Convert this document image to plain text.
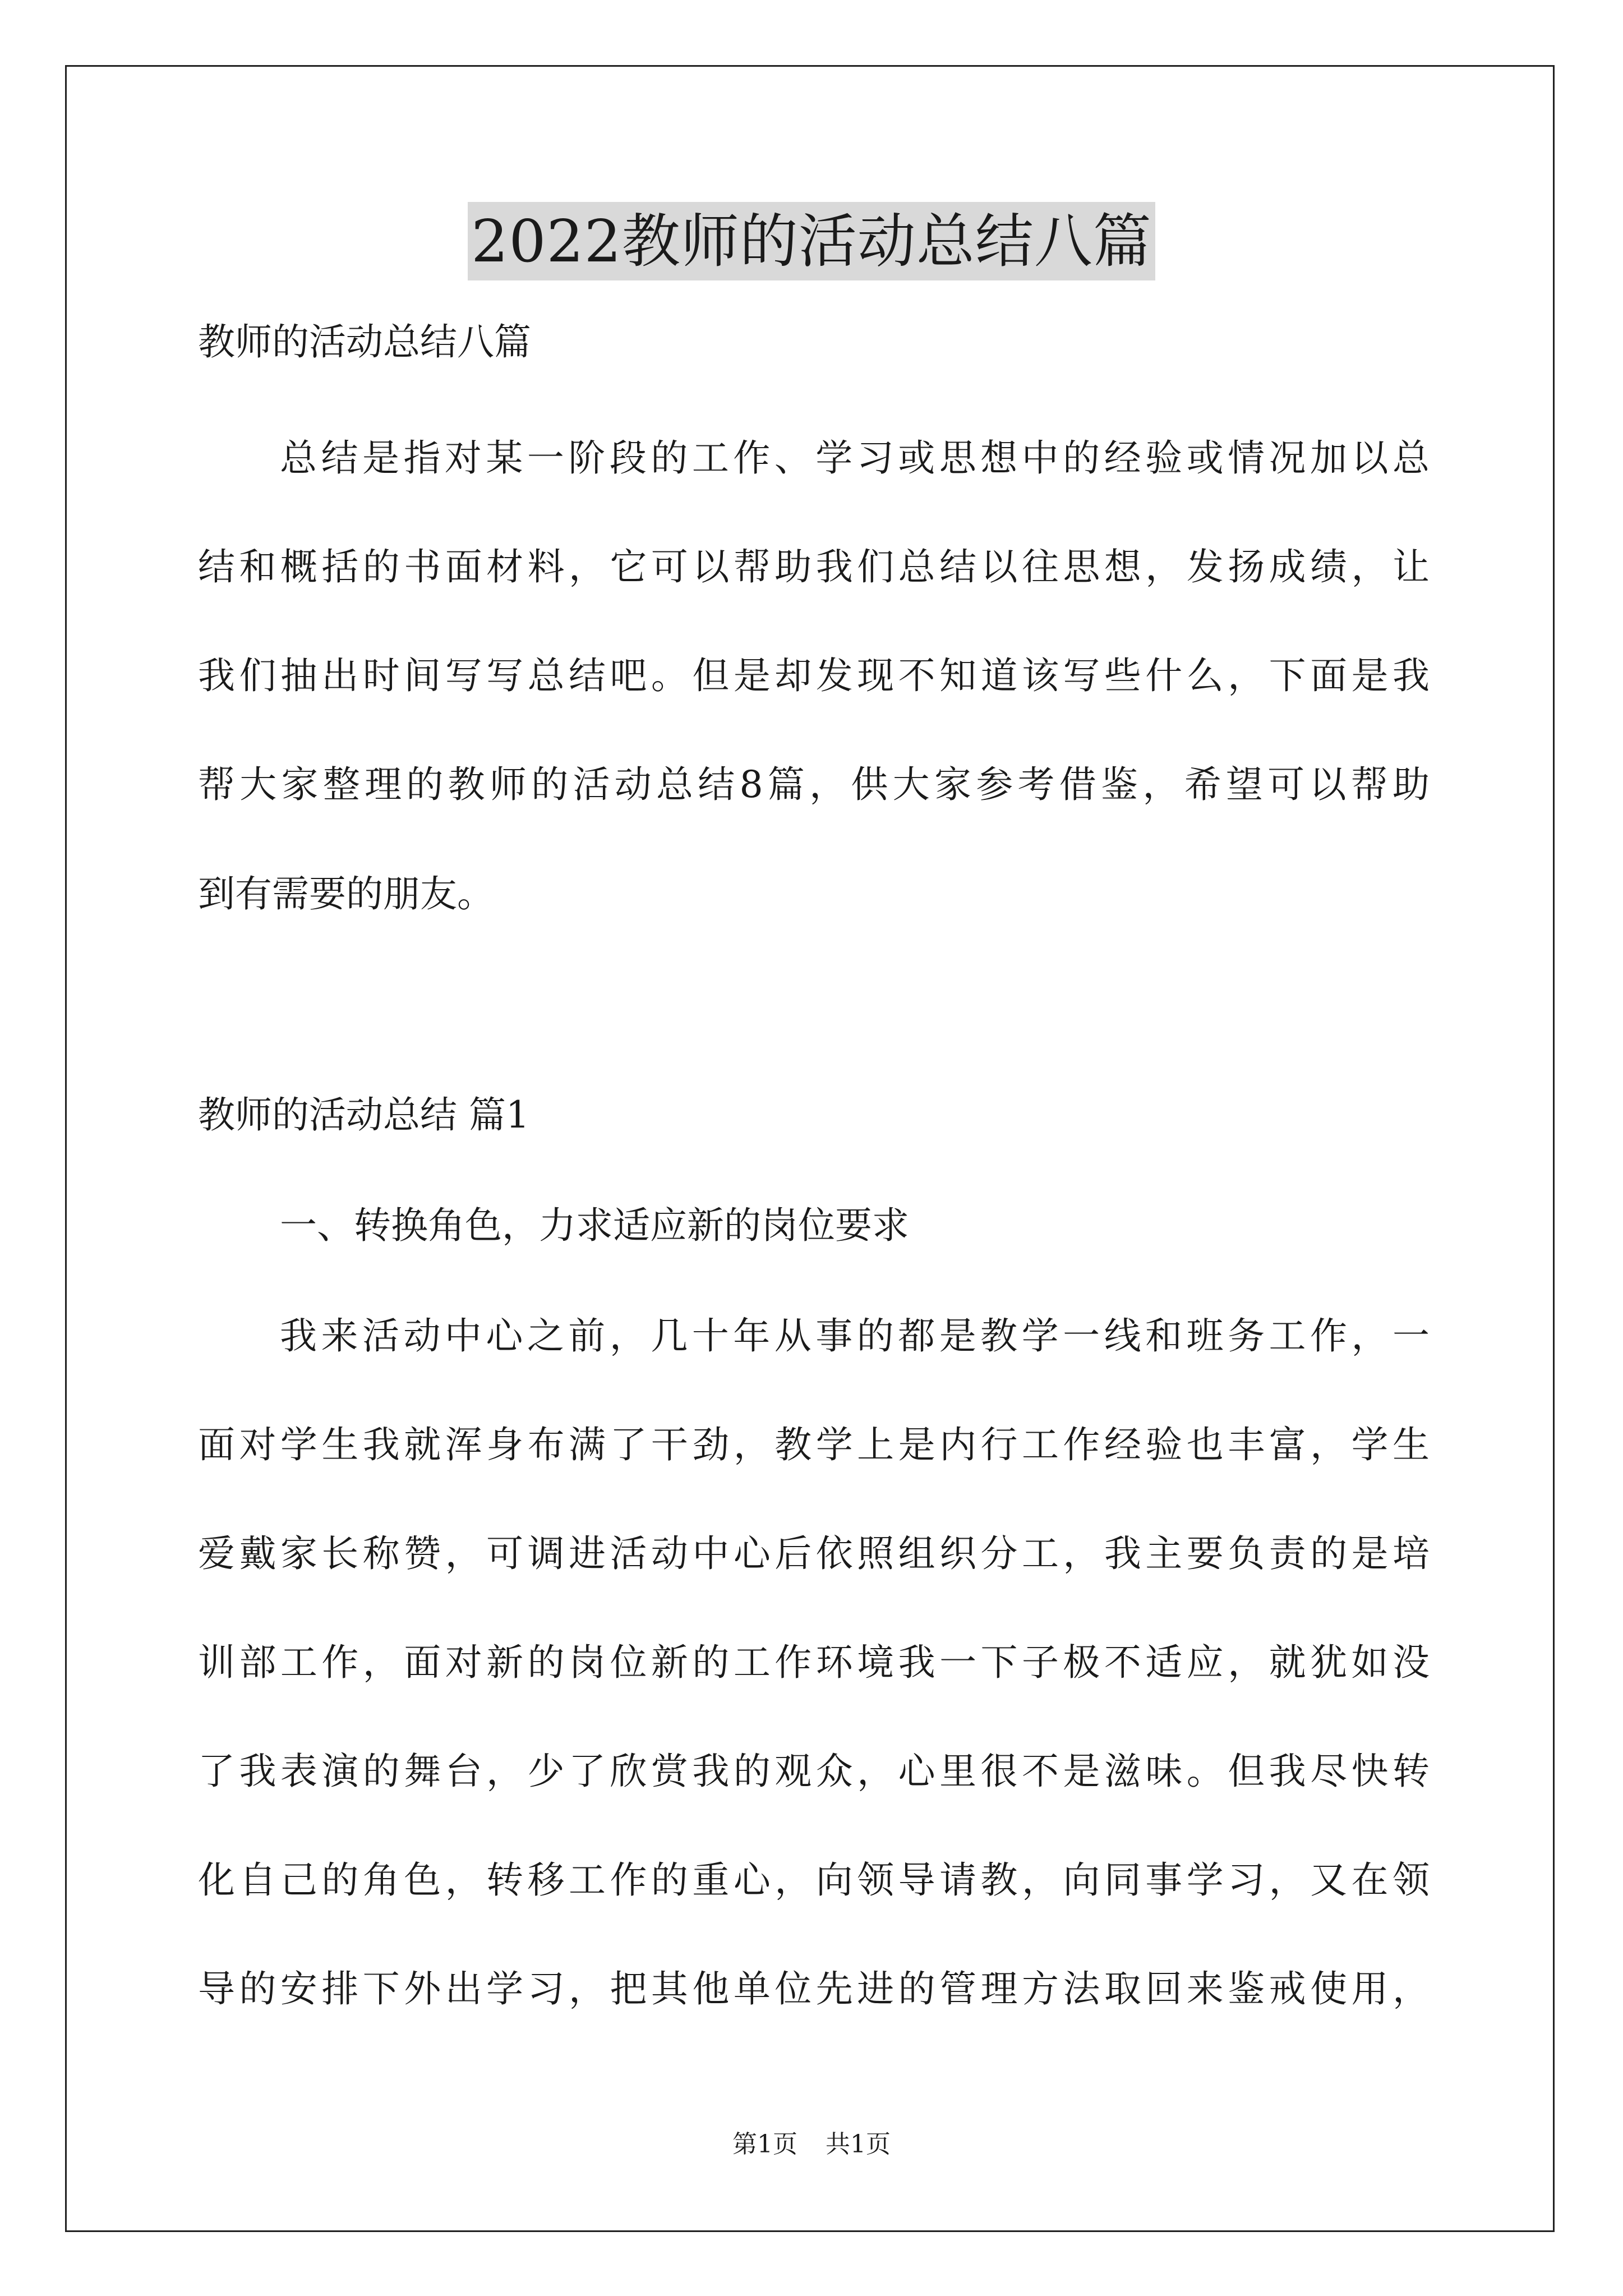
2022教师的活动总结八篇
教师的活动总结八篇
总结是指对某一阶段的工作、学习或思想中的经验或情况加以总
结和概括的书面材料，它可以帮助我们总结以往思想，发扬成绩，让
我们抽出时间写写总结吧。但是却发现不知道该写些什么，下面是我
帮大家整理的教师的活动总结8篇，供大家参考借鉴，希望可以帮助
到有需要的朋友。
教师的活动总结 篇1
一、转换角色，力求适应新的岗位要求
我来活动中心之前，几十年从事的都是教学一线和班务工作，一
面对学生我就浑身布满了干劲，教学上是内行工作经验也丰富，学生
爱戴家长称赞，可调进活动中心后依照组织分工，我主要负责的是培
训部工作，面对新的岗位新的工作环境我一下子极不适应，就犹如没
了我表演的舞台，少了欣赏我的观众，心里很不是滋味。但我尽快转
化自己的角色，转移工作的重心，向领导请教，向同事学习，又在领
导的安排下外出学习，把其他单位先进的管理方法取回来鉴戒使用，
第1页 共1页
